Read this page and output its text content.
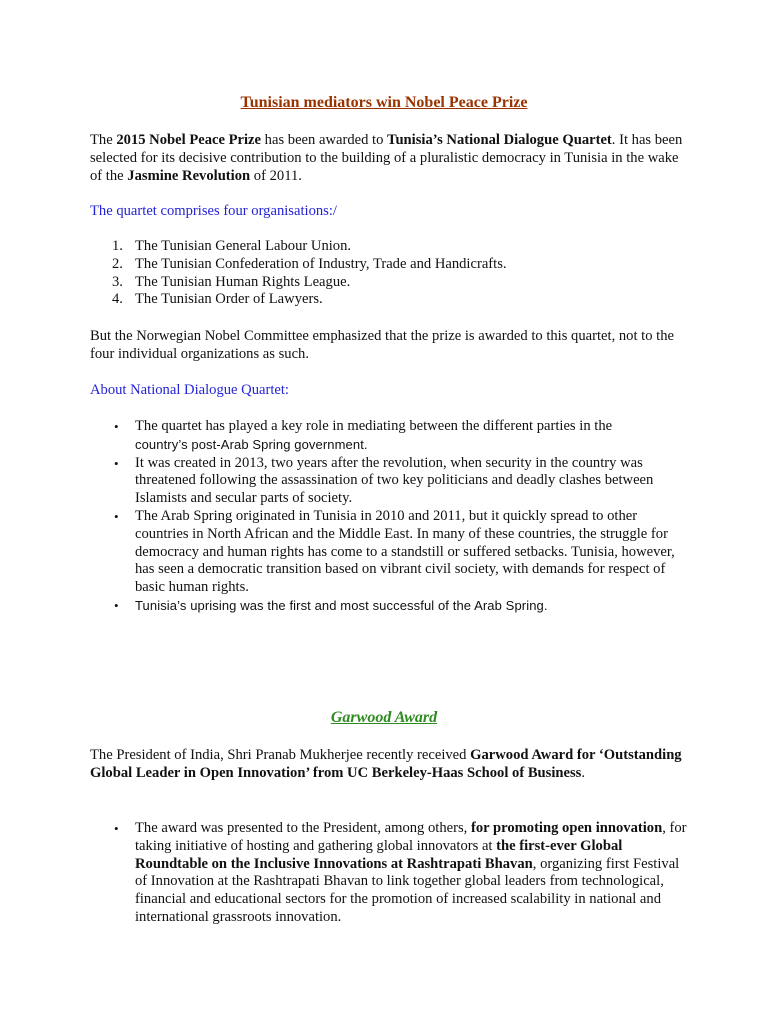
Tunisian mediators win Nobel Peace Prize

The 2015 Nobel Peace Prize has been awarded to Tunisia’s National Dialogue Quartet. It has been selected for its decisive contribution to the building of a pluralistic democracy in Tunisia in the wake of the Jasmine Revolution of 2011.

The quartet comprises four organisations:/

1. The Tunisian General Labour Union.
2. The Tunisian Confederation of Industry, Trade and Handicrafts.
3. The Tunisian Human Rights League.
4. The Tunisian Order of Lawyers.

But the Norwegian Nobel Committee emphasized that the prize is awarded to this quartet, not to the four individual organizations as such.

About National Dialogue Quartet:

• The quartet has played a key role in mediating between the different parties in the
country’s post-Arab Spring government.
• It was created in 2013, two years after the revolution, when security in the country was threatened following the assassination of two key politicians and deadly clashes between Islamists and secular parts of society.
• The Arab Spring originated in Tunisia in 2010 and 2011, but it quickly spread to other countries in North African and the Middle East. In many of these countries, the struggle for democracy and human rights has come to a standstill or suffered setbacks. Tunisia, however, has seen a democratic transition based on vibrant civil society, with demands for respect of basic human rights.
• Tunisia’s uprising was the first and most successful of the Arab Spring.
Garwood Award

The President of India, Shri Pranab Mukherjee recently received Garwood Award for ‘Outstanding Global Leader in Open Innovation’ from UC Berkeley-Haas School of Business.

• The award was presented to the President, among others, for promoting open innovation, for taking initiative of hosting and gathering global innovators at the first-ever Global Roundtable on the Inclusive Innovations at Rashtrapati Bhavan, organizing first Festival of Innovation at the Rashtrapati Bhavan to link together global leaders from technological, financial and educational sectors for the promotion of increased scalability in national and international grassroots innovation.
